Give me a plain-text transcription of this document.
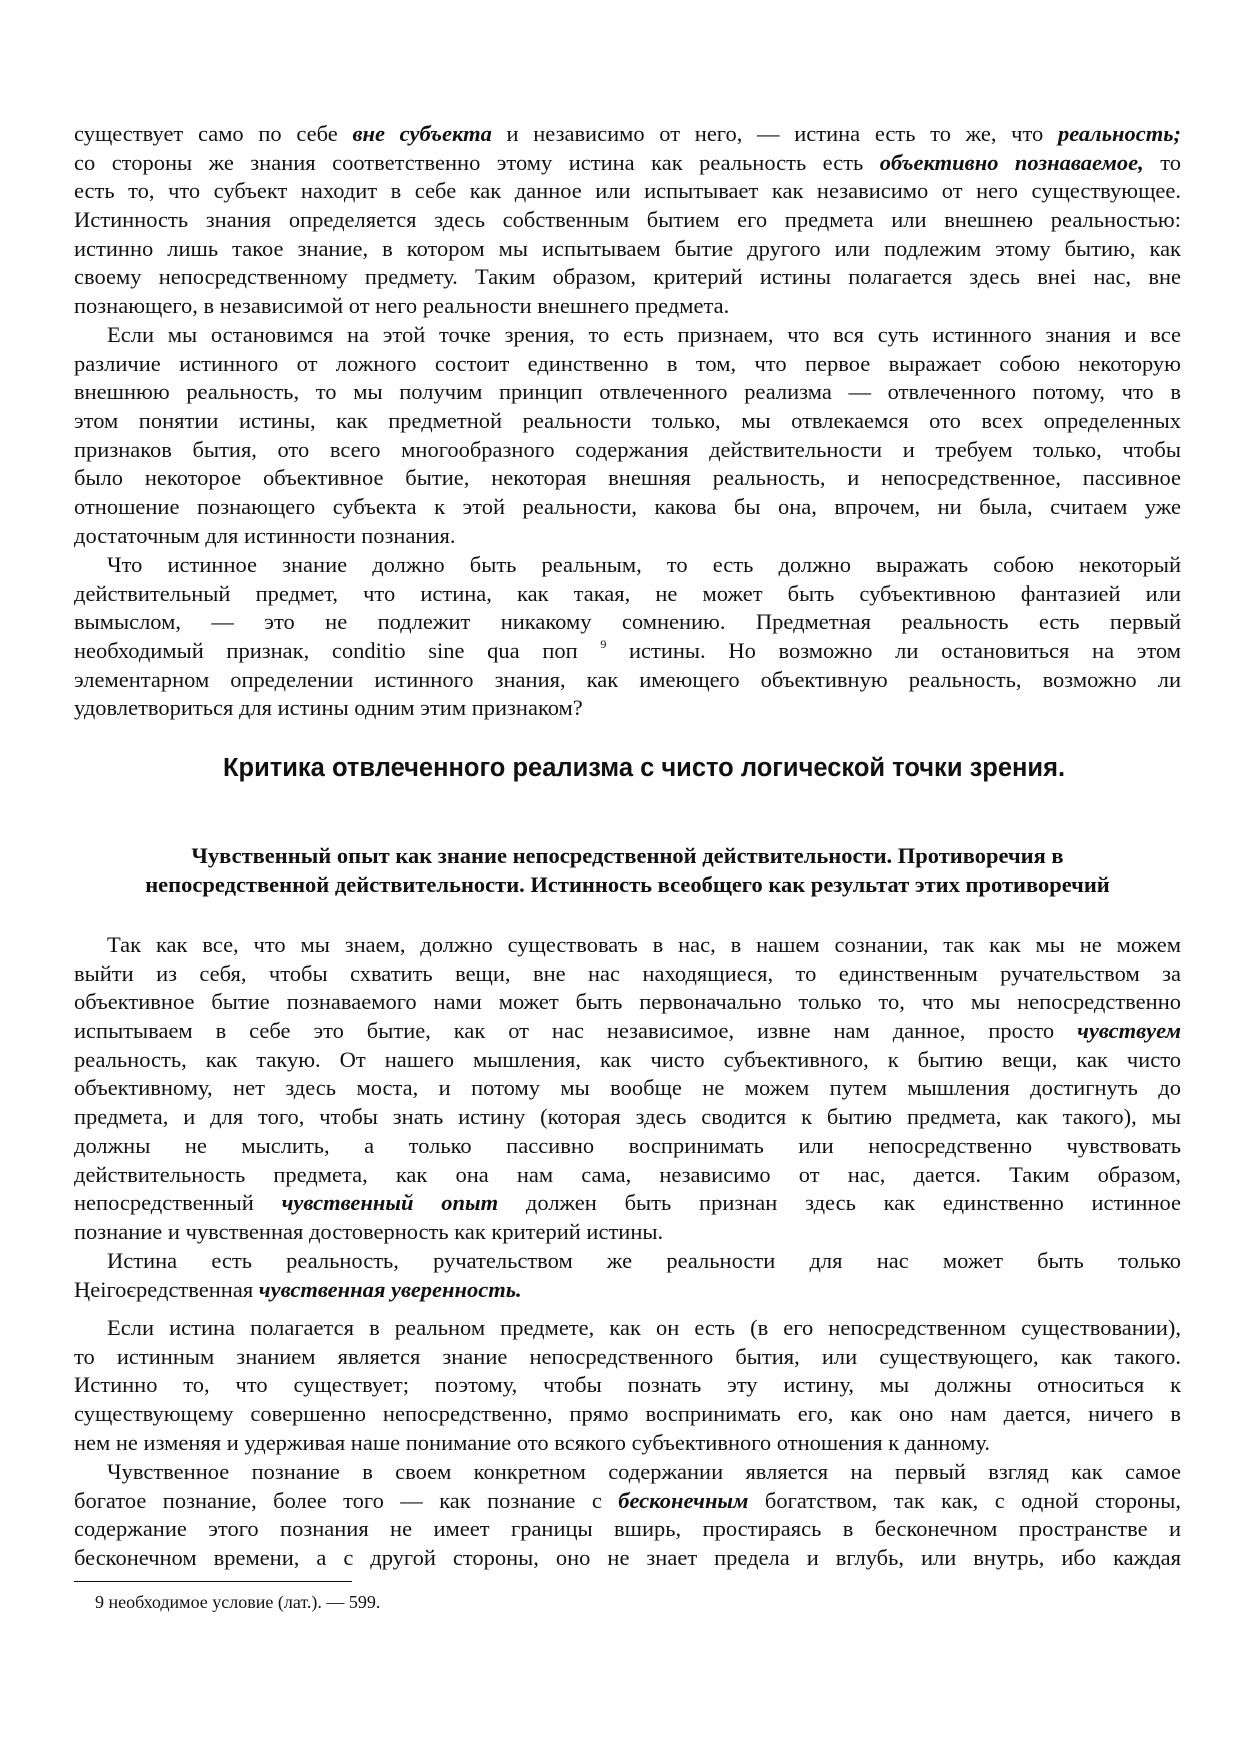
существует само по себе вне субъекта и независимо от него, — истина есть то же, что реальность;
со стороны же знания соответственно этому истина как реальность есть объективно познаваемое, то
есть то, что субъект находит в себе как данное или испытывает как независимо от него существующее.
Истинность знания определяется здесь собственным бытием его предмета или внешнею реальностью:
истинно лишь такое знание, в котором мы испытываем бытие другого или подлежим этому бытию, как
своему непосредственному предмету. Таким образом, критерий истины полагается здесь внеі нас, вне
познающего, в независимой от него реальности внешнего предмета.
Если мы остановимся на этой точке зрения, то есть признаем, что вся суть истинного знания и все
различие истинного от ложного состоит единственно в том, что первое выражает собою некоторую
внешнюю реальность, то мы получим принцип отвлеченного реализма — отвлеченного потому, что в
этом понятии истины, как предметной реальности только, мы отвлекаемся ото всех определенных
признаков бытия, ото всего многообразного содержания действительности и требуем только, чтобы
было некоторое объективное бытие, некоторая внешняя реальность, и непосредственное, пассивное
отношение познающего субъекта к этой реальности, какова бы она, впрочем, ни была, считаем уже
достаточным для истинности познания.
Что истинное знание должно быть реальным, то есть должно выражать собою некоторый
действительный предмет, что истина, как такая, не может быть субъективною фантазией или
вымыслом, — это не подлежит никакому сомнению. Предметная реальность есть первый
необходимый признак, conditio sine qua поп $^9$ истины. Но возможно ли остановиться на этом
элементарном определении истинного знания, как имеющего объективную реальность, возможно ли
удовлетвориться для истины одним этим признаком?
Критика отвлеченного реализма с чисто логической точки зрения.
Чувственный опыт как знание непосредственной действительности. Противоречия в
непосредственной действительности. Истинность всеобщего как результат этих противоречий
Так как все, что мы знаем, должно существовать в нас, в нашем сознании, так как мы не можем
выйти из себя, чтобы схватить вещи, вне нас находящиеся, то единственным ручательством за
объективное бытие познаваемого нами может быть первоначально только то, что мы непосредственно
испытываем в себе это бытие, как от нас независимое, извне нам данное, просто чувствуем
реальность, как такую. От нашего мышления, как чисто субъективного, к бытию вещи, как чисто
объективному, нет здесь моста, и потому мы вообще не можем путем мышления достигнуть до
предмета, и для того, чтобы знать истину (которая здесь сводится к бытию предмета, как такого), мы
должны не мыслить, а только пассивно воспринимать или непосредственно чувствовать
действительность предмета, как она нам сама, независимо от нас, дается. Таким образом,
непосредственный чувственный опыт должен быть признан здесь как единственно истинное
познание и чувственная достоверность как критерий истины.
Истина есть реальность, ручательством же реальности для нас может быть только
Ңеігоєредственная чувственная уверенность.
Если истина полагается в реальном предмете, как он есть (в его непосредственном существовании),
то истинным знанием является знание непосредственного бытия, или существующего, как такого.
Истинно то, что существует; поэтому, чтобы познать эту истину, мы должны относиться к
существующему совершенно непосредственно, прямо воспринимать его, как оно нам дается, ничего в
нем не изменяя и удерживая наше понимание ото всякого субъективного отношения к данному.
Чувственное познание в своем конкретном содержании является на первый взгляд как самое
богатое познание, более того — как познание с бесконечным богатством, так как, с одной стороны,
содержание этого познания не имеет границы вширь, простираясь в бесконечном пространстве и
бесконечном времени, а с другой стороны, оно не знает предела и вглубь, или внутрь, ибо каждая
9 необходимое условие (лат.). — 599.
